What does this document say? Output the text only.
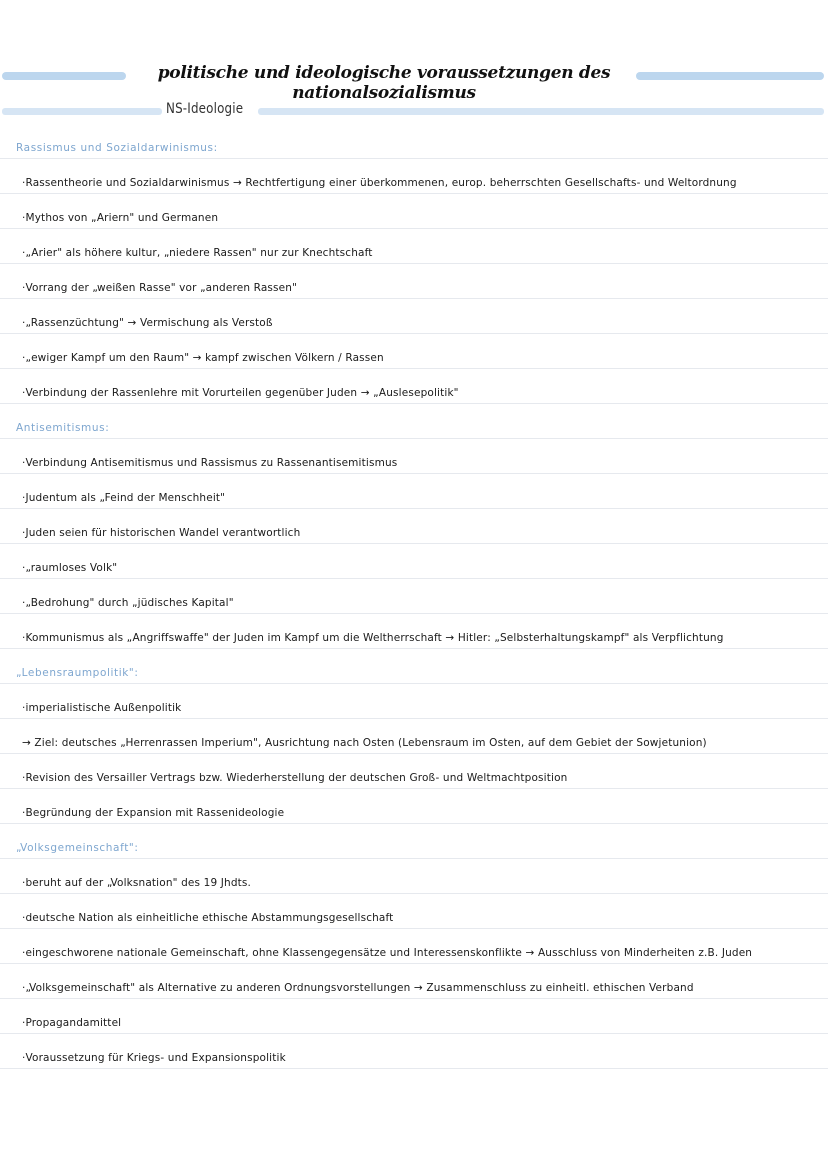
politische und ideologische voraussetzungen des nationalsozialismus
NS-Ideologie
Rassismus und Sozialdarwinismus:
·Rassentheorie und Sozialdarwinismus → Rechtfertigung einer überkommenen, europ. beherrschten Gesellschafts- und Weltordnung
·Mythos von „Ariern" und Germanen
·„Arier" als höhere kultur, „niedere Rassen" nur zur Knechtschaft
·Vorrang der „weißen Rasse" vor „anderen Rassen"
·„Rassenzüchtung" → Vermischung als Verstoß
·„ewiger Kampf um den Raum" → kampf zwischen Völkern / Rassen
·Verbindung der Rassenlehre mit Vorurteilen gegenüber Juden → „Auslesepolitik"
Antisemitismus:
·Verbindung Antisemitismus und Rassismus zu Rassenantisemitismus
·Judentum als „Feind der Menschheit"
·Juden seien für historischen Wandel verantwortlich
·„raumloses Volk"
·„Bedrohung" durch „jüdisches Kapital"
·Kommunismus als „Angriffswaffe" der Juden im Kampf um die Weltherrschaft → Hitler: „Selbsterhaltungskampf" als Verpflichtung
„Lebensraumpolitik":
·imperialistische Außenpolitik
→ Ziel: deutsches „Herrenrassen Imperium", Ausrichtung nach Osten (Lebensraum im Osten, auf dem Gebiet der Sowjetunion)
·Revision des Versailler Vertrags bzw. Wiederherstellung der deutschen Groß- und Weltmachtposition
·Begründung der Expansion mit Rassenideologie
„Volksgemeinschaft":
·beruht auf der „Volksnation" des 19 Jhdts.
·deutsche Nation als einheitliche ethische Abstammungsgesellschaft
·eingeschworene nationale Gemeinschaft, ohne Klassengegensätze und Interessenskonflikte → Ausschluss von Minderheiten z.B. Juden
·„Volksgemeinschaft" als Alternative zu anderen Ordnungsvorstellungen → Zusammenschluss zu einheitl. ethischen Verband
·Propagandamittel
·Voraussetzung für Kriegs- und Expansionspolitik
